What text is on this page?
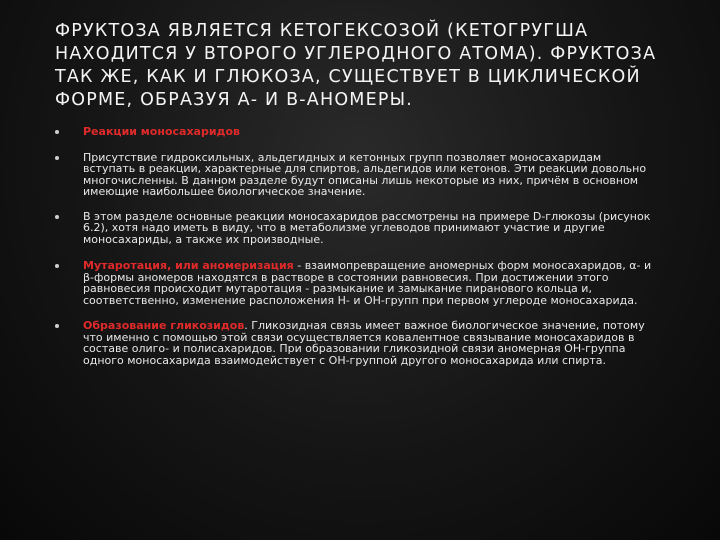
ФРУКТОЗА ЯВЛЯЕТСЯ КЕТОГЕКСОЗОЙ (КЕТОГРУГША НАХОДИТСЯ У ВТОРОГО УГЛЕРОДНОГО АТОМА). ФРУКТОЗА ТАК ЖЕ, КАК И ГЛЮКОЗА, СУЩЕСТВУЕТ В ЦИКЛИЧЕСКОЙ ФОРМЕ, ОБРАЗУЯ А- И В-АНОМЕРЫ.
Реакции моносахаридов
Присутствие гидроксильных, альдегидных и кетонных групп позволяет моносахаридам вступать в реакции, характерные для спиртов, альдегидов или кетонов. Эти реакции довольно многочисленны. В данном разделе будут описаны лишь некоторые из них, причём в основном имеющие наибольшее биологическое значение.
В этом разделе основные реакции моносахаридов рассмотрены на примере D-глюкозы (рисунок 6.2), хотя надо иметь в виду, что в метаболизме углеводов принимают участие и другие моносахариды, а также их производные.
Мутаротация, или аномеризация - взаимопревращение аномерных форм моносахаридов, α- и β-формы аномеров находятся в растворе в состоянии равновесия. При достижении этого равновесия происходит мутаротация - размыкание и замыкание пиранового кольца и, соответственно, изменение расположения Н- и ОН-групп при первом углероде моносахарида.
Образование гликозидов. Гликозидная связь имеет важное биологическое значение, потому что именно с помощью этой связи осуществляется ковалентное связывание моносахаридов в составе олиго- и полисахаридов. При образовании гликозидной связи аномерная ОН-группа одного моносахарида взаимодействует с ОН-группой другого моносахарида или спирта.
